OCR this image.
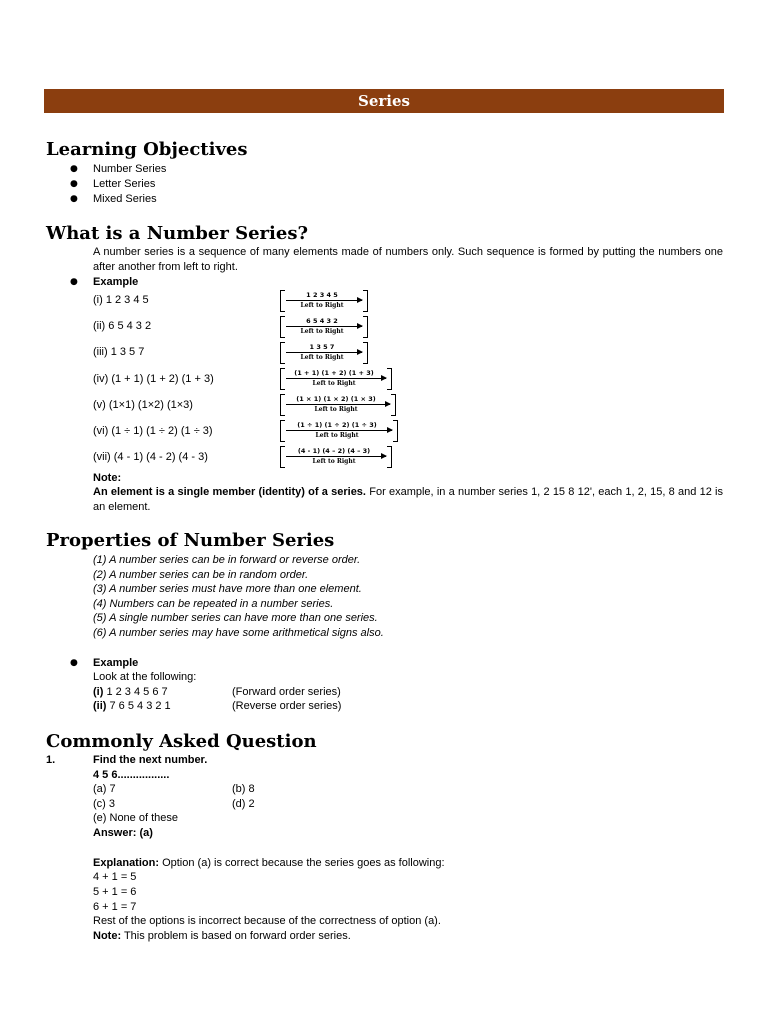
Series
Learning Objectives
● Number Series
● Letter Series
● Mixed Series
What is a Number Series?
A number series is a sequence of many elements made of numbers only. Such sequence is formed by putting the numbers one after another from left to right.
● Example
(i) 1 2 3 4 5	1 2 3 4 5
Left to Right
(ii) 6 5 4 3 2	6 5 4 3 2
Left to Right
(iii) 1 3 5 7	1 3 5 7
Left to Right
(iv) (1 + 1) (1 + 2) (1 + 3)	(1 + 1) (1 + 2) (1 + 3)
Left to Right
(v) (1×1) (1×2) (1×3)	(1 × 1) (1 × 2) (1 × 3)
Left to Right
(vi) (1 ÷ 1) (1 ÷ 2) (1 ÷ 3)	(1 ÷ 1) (1 ÷ 2) (1 ÷ 3)
Left to Right
(vii) (4 - 1) (4 - 2) (4 - 3)	(4 - 1) (4 – 2) (4 – 3)
Left to Right
Note:
An element is a single member (identity) of a series. For example, in a number series 1, 2 15 8 12', each 1, 2, 15, 8 and 12 is an element.
Properties of Number Series
(1) A number series can be in forward or reverse order.
(2) A number series can be in random order.
(3) A number series must have more than one element.
(4) Numbers can be repeated in a number series.
(5) A single number series can have more than one series.
(6) A number series may have some arithmetical signs also.
● Example
Look at the following:
(i) 1 2 3 4 5 6 7	(Forward order series)
(ii) 7 6 5 4 3 2 1	(Reverse order series)
Commonly Asked Question
1.	Find the next number.
4 5 6.................
(a) 7	(b) 8
(c) 3	(d) 2
(e) None of these
Answer: (a)
Explanation: Option (a) is correct because the series goes as following:
4 + 1 = 5
5 + 1 = 6
6 + 1 = 7
Rest of the options is incorrect because of the correctness of option (a).
Note: This problem is based on forward order series.
